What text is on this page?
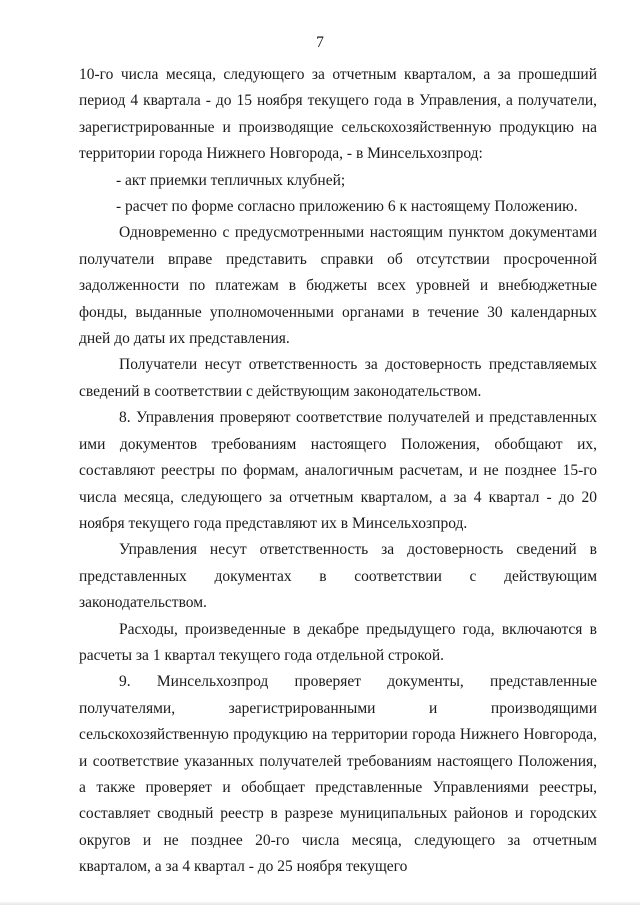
7

10-го числа месяца, следующего за отчетным кварталом, а за прошедший период 4 квартала - до 15 ноября текущего года в Управления, а получатели, зарегистрированные и производящие сельскохозяйственную продукцию на территории города Нижнего Новгорода, - в Минсельхозпрод:

- акт приемки тепличных клубней;

- расчет по форме согласно приложению 6 к настоящему Положению.

Одновременно с предусмотренными настоящим пунктом документами получатели вправе представить справки об отсутствии просроченной задолженности по платежам в бюджеты всех уровней и внебюджетные фонды, выданные уполномоченными органами в течение 30 календарных дней до даты их представления.

Получатели несут ответственность за достоверность представляемых сведений в соответствии с действующим законодательством.

8. Управления проверяют соответствие получателей и представленных ими документов требованиям настоящего Положения, обобщают их, составляют реестры по формам, аналогичным расчетам, и не позднее 15-го числа месяца, следующего за отчетным кварталом, а за 4 квартал - до 20 ноября текущего года представляют их в Минсельхозпрод.

Управления несут ответственность за достоверность сведений в представленных документах в соответствии с действующим законодательством.

Расходы, произведенные в декабре предыдущего года, включаются в расчеты за 1 квартал текущего года отдельной строкой.

9. Минсельхозпрод проверяет документы, представленные получателями, зарегистрированными и производящими сельскохозяйственную продукцию на территории города Нижнего Новгорода, и соответствие указанных получателей требованиям настоящего Положения, а также проверяет и обобщает представленные Управлениями реестры, составляет сводный реестр в разрезе муниципальных районов и городских округов и не позднее 20-го числа месяца, следующего за отчетным кварталом, а за 4 квартал - до 25 ноября текущего
